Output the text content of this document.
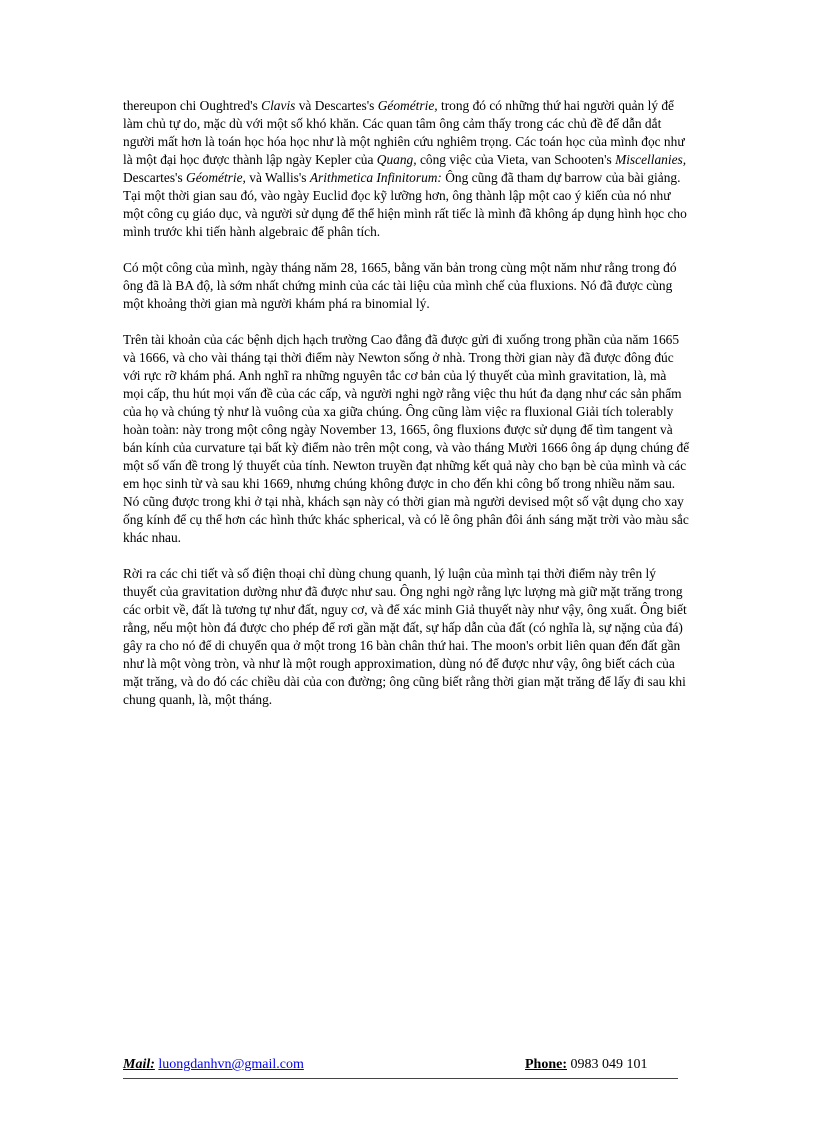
thereupon chi Oughtred's Clavis và Descartes's Géométrie, trong đó có những thứ hai người quản lý để làm chủ tự do, mặc dù với một số khó khăn. Các quan tâm ông cảm thấy trong các chủ đề để dẫn dắt người mất hơn là toán học hóa học như là một nghiên cứu nghiêm trọng. Các toán học của mình đọc như là một đại học được thành lập ngày Kepler của Quang, công việc của Vieta, van Schooten's Miscellanies, Descartes's Géométrie, và Wallis's Arithmetica Infinitorum: Ông cũng đã tham dự barrow của bài giảng. Tại một thời gian sau đó, vào ngày Euclid đọc kỹ lưỡng hơn, ông thành lập một cao ý kiến của nó như một công cụ giáo dục, và người sử dụng để thể hiện mình rất tiếc là mình đã không áp dụng hình học cho mình trước khi tiến hành algebraic để phân tích.

Có một công của mình, ngày tháng năm 28, 1665, bằng văn bản trong cùng một năm như rằng trong đó ông đã là BA độ, là sớm nhất chứng minh của các tài liệu của mình chế của fluxions. Nó đã được cùng một khoảng thời gian mà người khám phá ra binomial lý.

Trên tài khoản của các bệnh dịch hạch trường Cao đẳng đã được gửi đi xuống trong phần của năm 1665 và 1666, và cho vài tháng tại thời điểm này Newton sống ở nhà. Trong thời gian này đã được đông đúc với rực rỡ khám phá. Anh nghĩ ra những nguyên tắc cơ bản của lý thuyết của mình gravitation, là, mà mọi cấp, thu hút mọi vấn đề của các cấp, và người nghi ngờ rằng việc thu hút đa dạng như các sản phẩm của họ và chúng tỷ như là vuông của xa giữa chúng. Ông cũng làm việc ra fluxional Giải tích tolerably hoàn toàn: này trong một công ngày November 13, 1665, ông fluxions được sử dụng để tìm tangent và bán kính của curvature tại bất kỳ điểm nào trên một cong, và vào tháng Mười 1666 ông áp dụng chúng để một số vấn đề trong lý thuyết của tính. Newton truyền đạt những kết quả này cho bạn bè của mình và các em học sinh từ và sau khi 1669, nhưng chúng không được in cho đến khi công bố trong nhiều năm sau. Nó cũng được trong khi ở tại nhà, khách sạn này có thời gian mà người devised một số vật dụng cho xay ống kính để cụ thể hơn các hình thức khác spherical, và có lẽ ông phân đôi ánh sáng mặt trời vào màu sắc khác nhau.

Rời ra các chi tiết và số điện thoại chỉ dùng chung quanh, lý luận của mình tại thời điểm này trên lý thuyết của gravitation dường như đã được như sau. Ông nghi ngờ rằng lực lượng mà giữ mặt trăng trong các orbit về, đất là tương tự như đất, nguy cơ, và để xác minh Giả thuyết này như vậy, ông xuất. Ông biết rằng, nếu một hòn đá được cho phép để rơi gần mặt đất, sự hấp dẫn của đất (có nghĩa là, sự nặng của đá) gây ra cho nó để di chuyển qua ở một trong 16 bàn chân thứ hai. The moon's orbit liên quan đến đất gần như là một vòng tròn, và như là một rough approximation, dùng nó để được như vậy, ông biết cách của mặt trăng, và do đó các chiều dài của con đường; ông cũng biết rằng thời gian mặt trăng để lấy đi sau khi chung quanh, là, một tháng.

Mail: luongdanhvn@gmail.com	Phone: 0983 049 101
